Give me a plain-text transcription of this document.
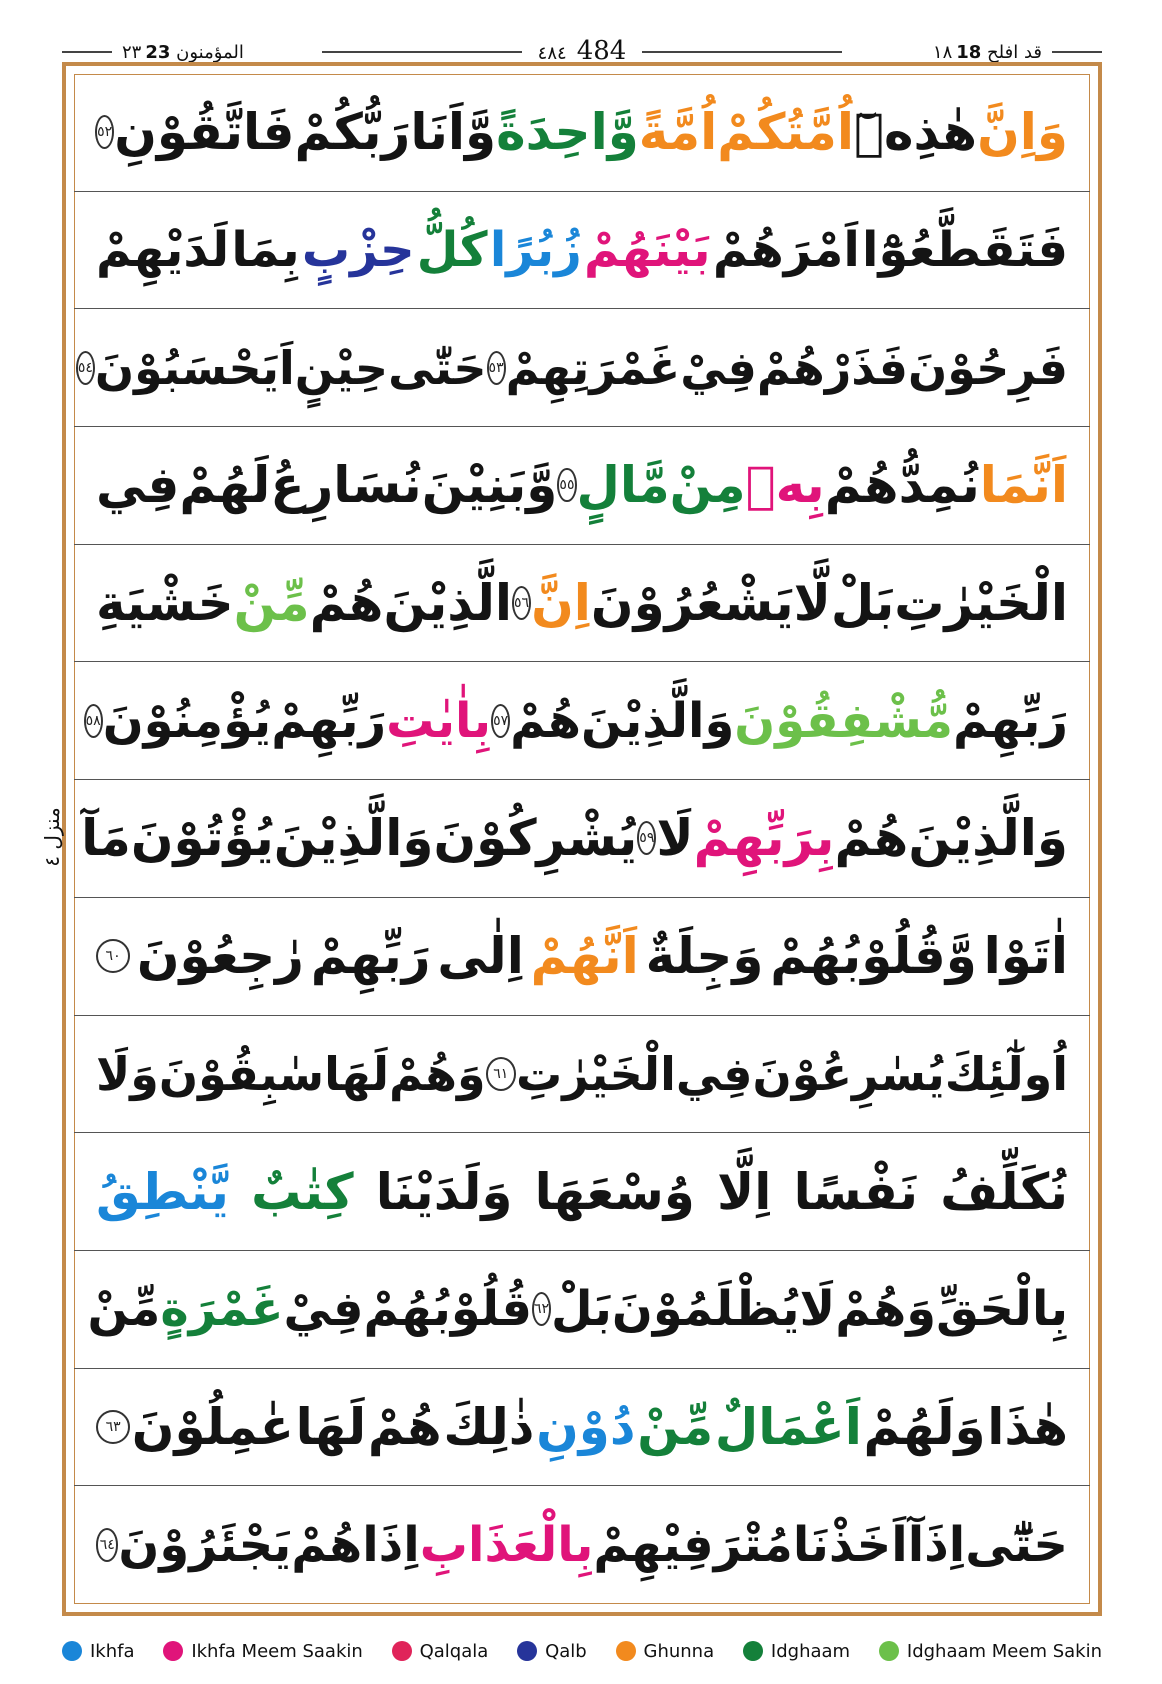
المؤمنون ٢٣23	٤٨٤ 484	قد افلح ١٨18
منزل ٤
وَاِنَّ
هٰذِهٖٓ
اُمَّتُكُمْ
اُمَّةً
وَّاحِدَةً
وَّاَنَا
رَبُّكُمْ
فَاتَّقُوْنِ
٥٢
فَتَقَطَّعُوْٓا
اَمْرَهُمْ
بَيْنَهُمْ
زُبُرًا
كُلُّ
حِزْبٍ
بِمَا
لَدَيْهِمْ
فَرِحُوْنَ
فَذَرْهُمْ
فِيْ
غَمْرَتِهِمْ
٥٣
حَتّٰى
حِيْنٍ
اَيَحْسَبُوْنَ
٥٤
اَنَّمَا
نُمِدُّهُمْ
بِهٖ
مِنْ
مَّالٍ
٥٥
وَّبَنِيْنَ
نُسَارِعُ
لَهُمْ
فِي
الْخَيْرٰتِ
بَلْ
لَّا
يَشْعُرُوْنَ
اِنَّ
٥٦
الَّذِيْنَ
هُمْ
مِّنْ
خَشْيَةِ
رَبِّهِمْ
مُّشْفِقُوْنَ
وَالَّذِيْنَ
هُمْ
٥٧
بِاٰيٰتِ
رَبِّهِمْ
يُؤْمِنُوْنَ
٥٨
وَالَّذِيْنَ
هُمْ
بِرَبِّهِمْ
لَا
٥٩
يُشْرِكُوْنَ
وَالَّذِيْنَ
يُؤْتُوْنَ
مَآ
اٰتَوْا
وَّقُلُوْبُهُمْ
وَجِلَةٌ
اَنَّهُمْ
اِلٰى
رَبِّهِمْ
رٰجِعُوْنَ
٦٠
اُولٰٓئِكَ
يُسٰرِعُوْنَ
فِي
الْخَيْرٰتِ
٦١
وَهُمْ
لَهَا
سٰبِقُوْنَ
وَلَا
نُكَلِّفُ
نَفْسًا
اِلَّا
وُسْعَهَا
وَلَدَيْنَا
كِتٰبٌ
يَّنْطِقُ
بِالْحَقِّ
وَهُمْ
لَا
يُظْلَمُوْنَ
بَلْ
٦٢
قُلُوْبُهُمْ
فِيْ
غَمْرَةٍ
مِّنْ
هٰذَا
وَلَهُمْ
اَعْمَالٌ
مِّنْ
دُوْنِ
ذٰلِكَ
هُمْ
لَهَا
عٰمِلُوْنَ
٦٣
حَتّٰٓى
اِذَآ
اَخَذْنَا
مُتْرَفِيْهِمْ
بِالْعَذَابِ
اِذَا
هُمْ
يَجْئَرُوْنَ
٦٤
Ikhfa	Ikhfa Meem Saakin	Qalqala	Qalb	Ghunna	Idghaam	Idghaam Meem Sakin
